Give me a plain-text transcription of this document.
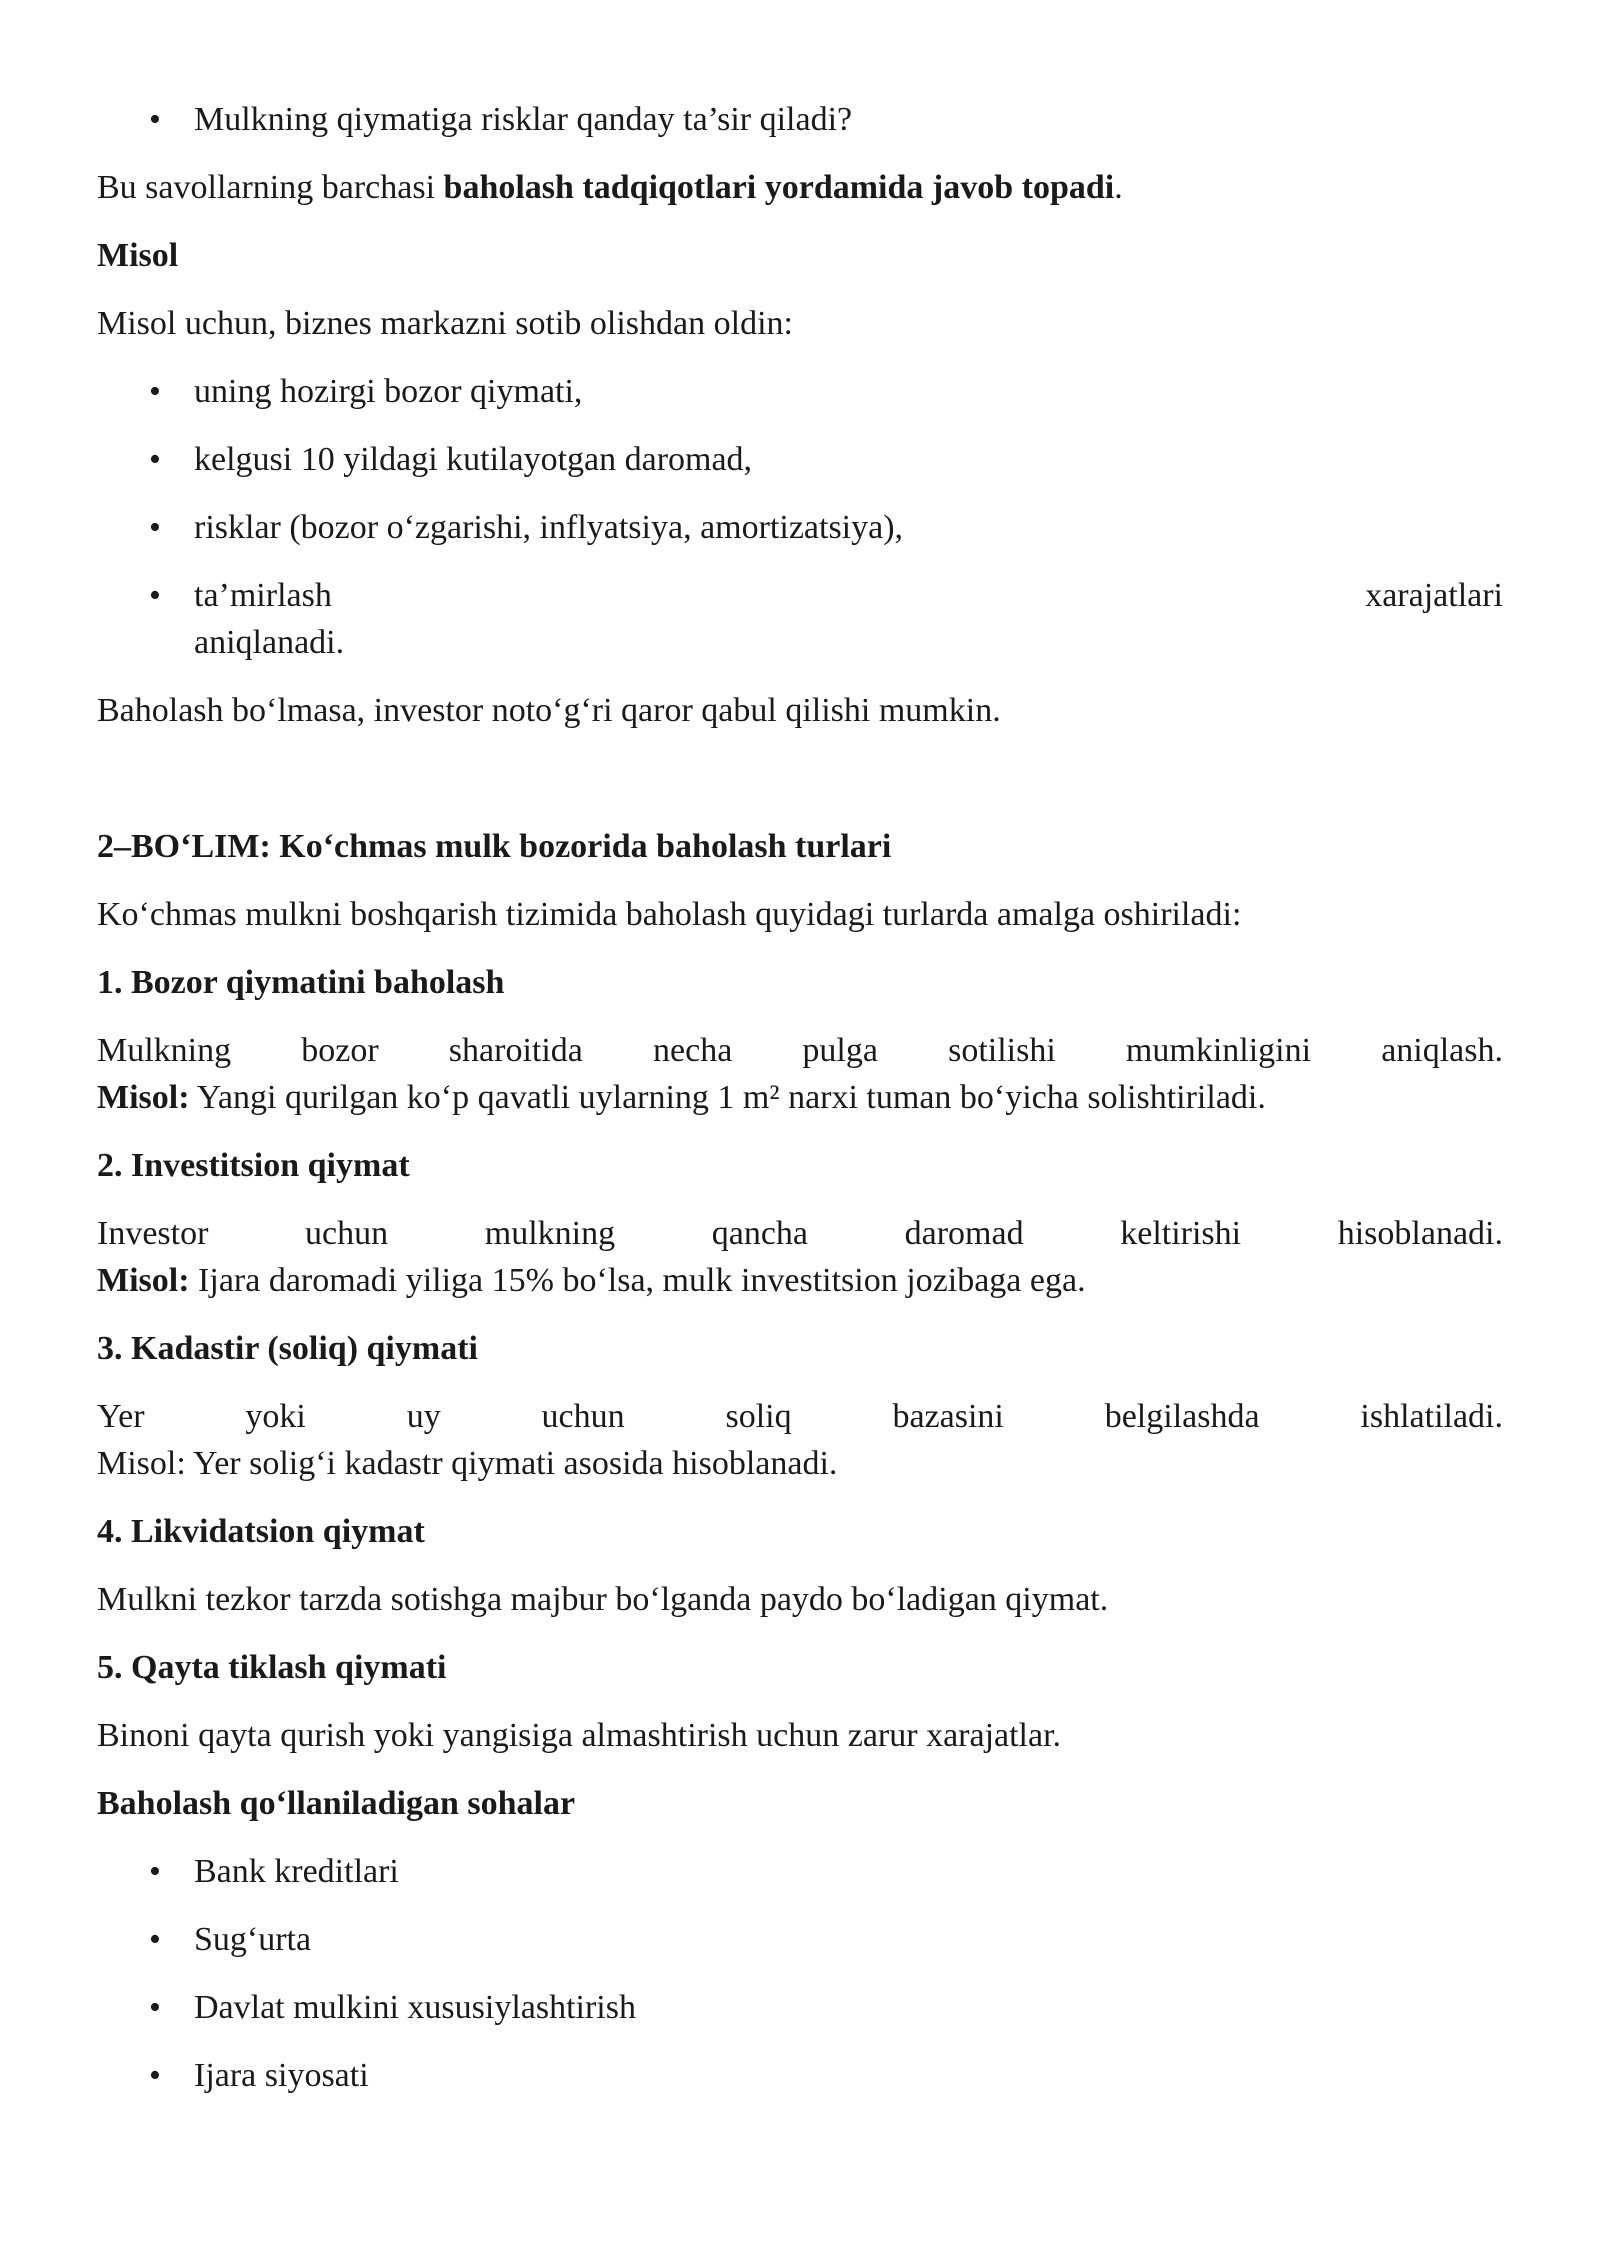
• Mulkning qiymatiga risklar qanday ta’sir qiladi?

Bu savollarning barchasi baholash tadqiqotlari yordamida javob topadi.

Misol

Misol uchun, biznes markazni sotib olishdan oldin:

• uning hozirgi bozor qiymati,
• kelgusi 10 yildagi kutilayotgan daromad,
• risklar (bozor o‘zgarishi, inflyatsiya, amortizatsiya),
• ta’mirlash xarajatlari
aniqlanadi.

Baholash bo‘lmasa, investor noto‘g‘ri qaror qabul qilishi mumkin.

2–BO‘LIM: Ko‘chmas mulk bozorida baholash turlari

Ko‘chmas mulkni boshqarish tizimida baholash quyidagi turlarda amalga oshiriladi:

1. Bozor qiymatini baholash

Mulkning bozor sharoitida necha pulga sotilishi mumkinligini aniqlash.
Misol: Yangi qurilgan ko‘p qavatli uylarning 1 m² narxi tuman bo‘yicha solishtiriladi.

2. Investitsion qiymat

Investor uchun mulkning qancha daromad keltirishi hisoblanadi.
Misol: Ijara daromadi yiliga 15% bo‘lsa, mulk investitsion jozibaga ega.

3. Kadastir (soliq) qiymati

Yer yoki uy uchun soliq bazasini belgilashda ishlatiladi.
Misol: Yer solig‘i kadastr qiymati asosida hisoblanadi.

4. Likvidatsion qiymat

Mulkni tezkor tarzda sotishga majbur bo‘lganda paydo bo‘ladigan qiymat.

5. Qayta tiklash qiymati

Binoni qayta qurish yoki yangisiga almashtirish uchun zarur xarajatlar.

Baholash qo‘llaniladigan sohalar
• Bank kreditlari
• Sug‘urta
• Davlat mulkini xususiylashtirish
• Ijara siyosati
